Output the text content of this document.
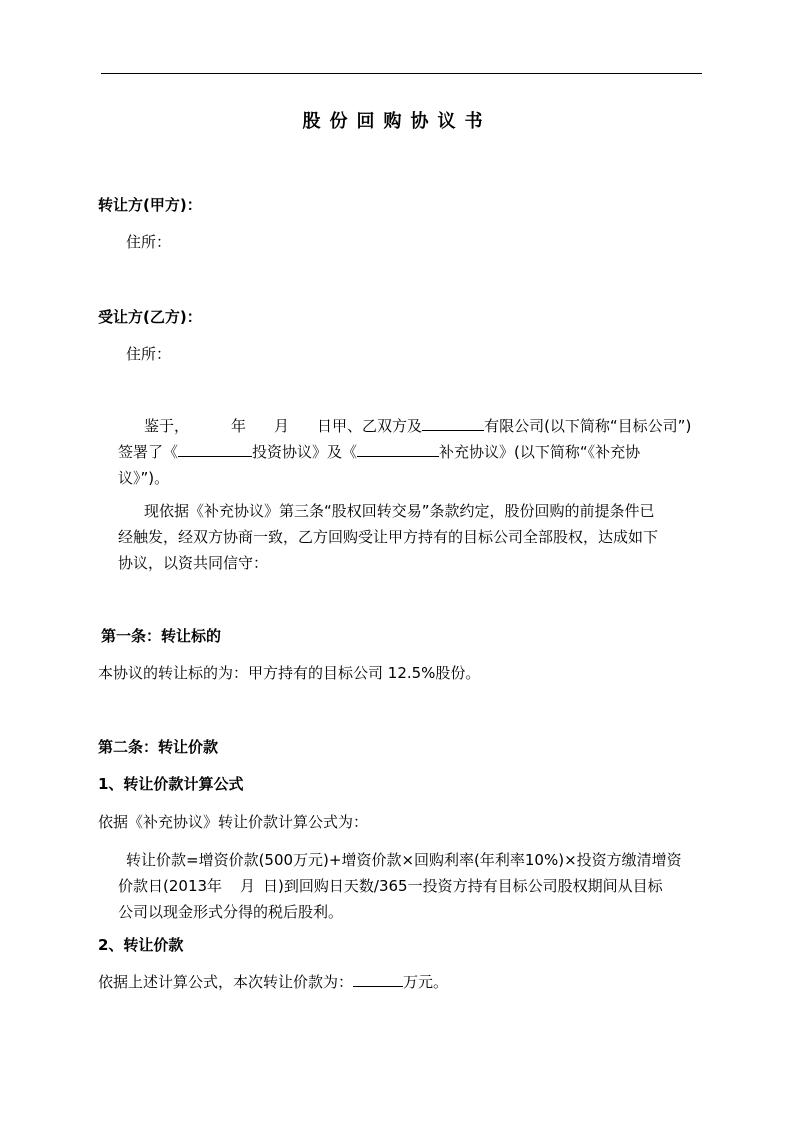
股份回购协议书
转让方(甲方)：
住所：
受让方(乙方)：
住所：
鉴于，	年 月 日甲、乙双方及	有限公司(以下简称“目标公司”)
签署了《	投资协议》及《	补充协议》(以下简称“《补充协
议》”)。
现依据《补充协议》第三条“股权回转交易”条款约定，股份回购的前提条件已
经触发，经双方协商一致，乙方回购受让甲方持有的目标公司全部股权，达成如下
协议，以资共同信守：
第一条：转让标的
本协议的转让标的为：甲方持有的目标公司 12.5%股份。
第二条：转让价款
1、转让价款计算公式
依据《补充协议》转让价款计算公式为：
转让价款=增资价款(500万元)+增资价款×回购利率(年利率10%)×投资方缴清增资
价款日(2013年 月 日)到回购日天数/365一投资方持有目标公司股权期间从目标
公司以现金形式分得的税后股利。
2、转让价款
依据上述计算公式，本次转让价款为：	万元。
